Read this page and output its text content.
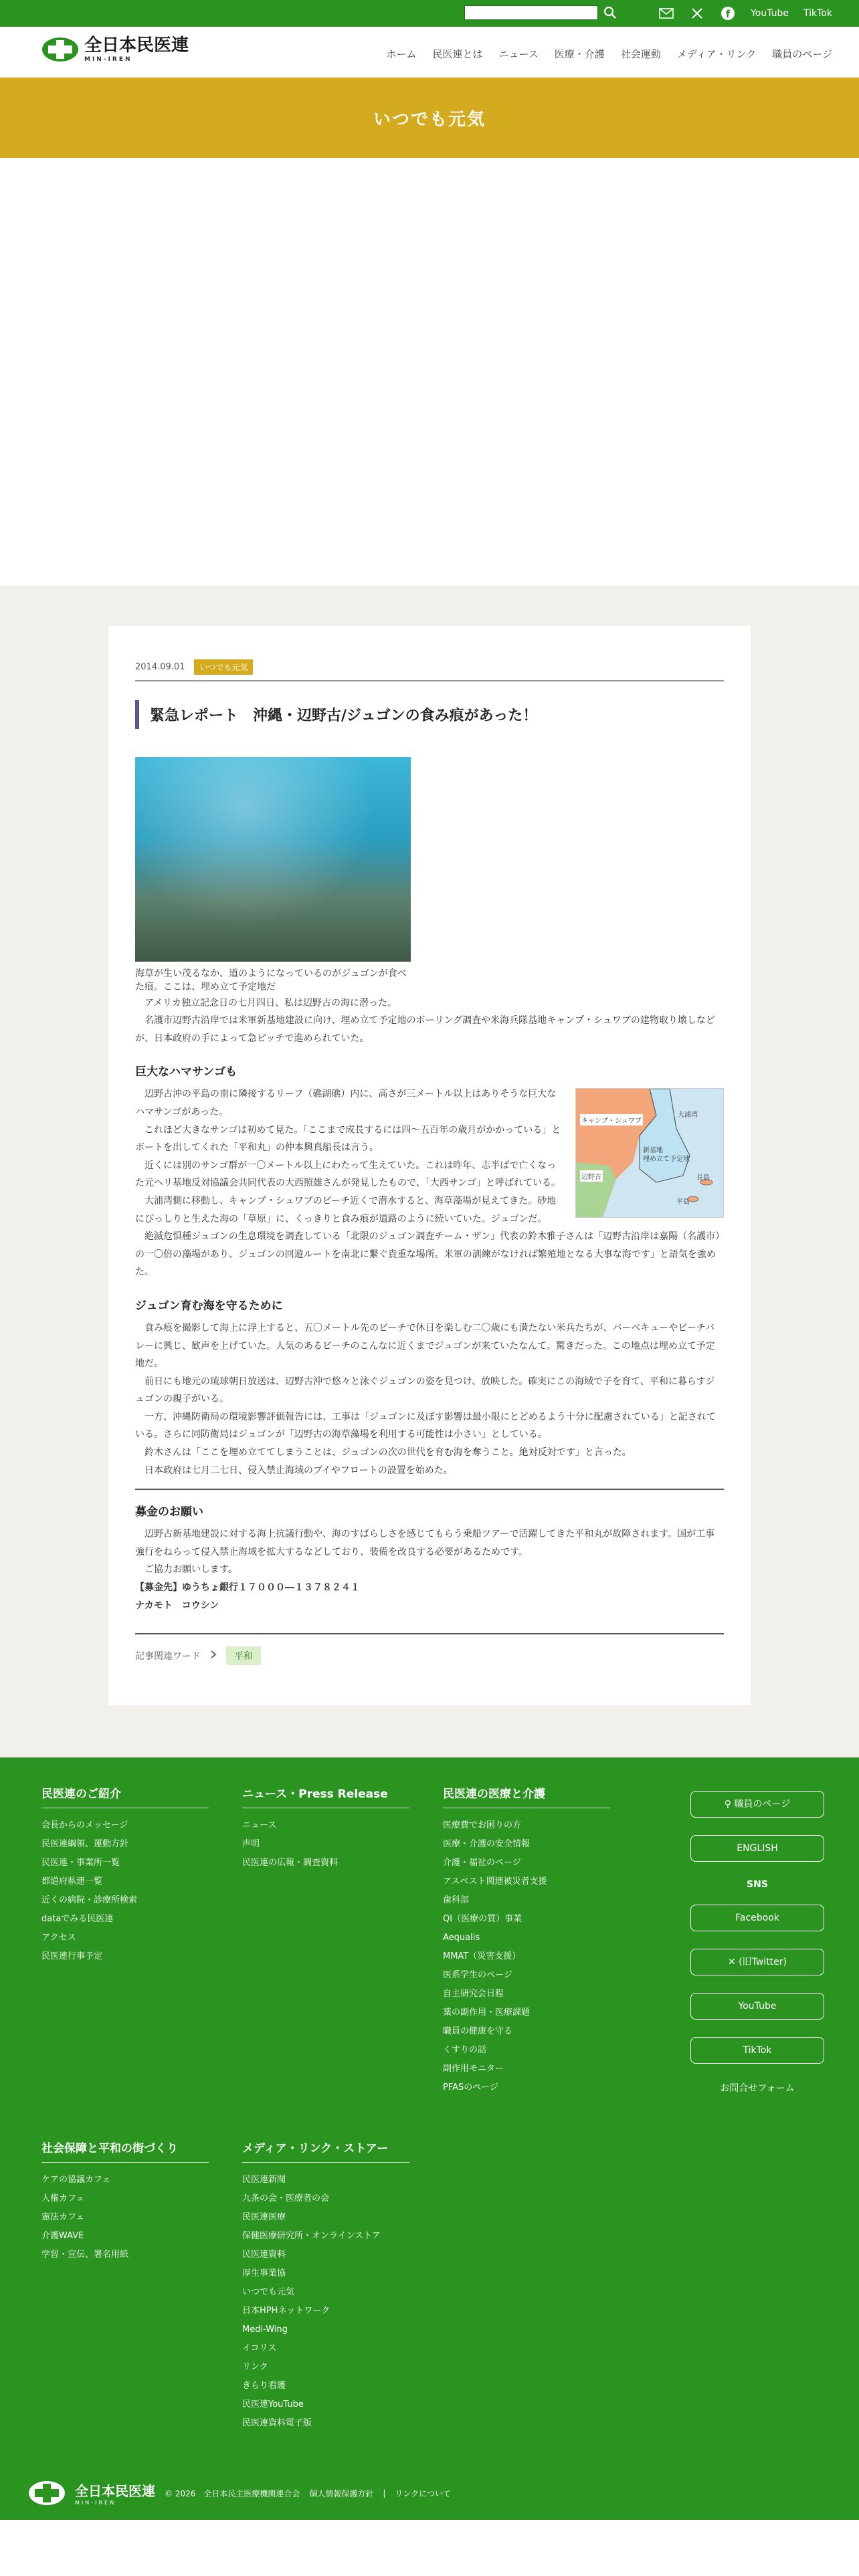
f YouTube TikTok
全日本民医連
MIN-IREN	ホーム 民医連とは ニュース 医療・介護 社会運動 メディア・リンク 職員のページ
いつでも元気
2014.09.01	いつでも元気
緊急レポート　沖縄・辺野古/ジュゴンの食み痕があった！

海草が生い茂るなか、道のようになっているのがジュゴンが食べた痕。ここは、埋め立て予定地だ

　アメリカ独立記念日の七月四日、私は辺野古の海に潜った。

　名護市辺野古沿岸では米軍新基地建設に向け、埋め立て予定地のボーリング調査や米海兵隊基地キャンプ・シュワブの建物取り壊しなどが、日本政府の手によって急ピッチで進められていた。

巨大なハマサンゴも
キャンプ・シュワブ
大浦湾
辺野古
新基地
埋め立て予定地
長島
平島

　辺野古沖の平島の南に隣接するリーフ（礁湖礁）内に、高さが三メートル以上はありそうな巨大なハマサンゴがあった。

　これほど大きなサンゴは初めて見た。「ここまで成長するには四〜五百年の歳月がかかっている」とボートを出してくれた「平和丸」の仲本興真船長は言う。

　近くには別のサンゴ群が一〇メートル以上にわたって生えていた。これは昨年、志半ばで亡くなった元ヘリ基地反対協議会共同代表の大西照雄さんが発見したもので、「大西サンゴ」と呼ばれている。

　大浦湾側に移動し、キャンプ・シュワブのビーチ近くで潜水すると、海草藻場が見えてきた。砂地にびっしりと生えた海の「草原」に、くっきりと食み痕が道路のように続いていた。ジュゴンだ。

　絶滅危惧種ジュゴンの生息環境を調査している「北限のジュゴン調査チーム・ザン」代表の鈴木雅子さんは「辺野古沿岸は嘉陽（名護市）の一〇倍の藻場があり、ジュゴンの回遊ルートを南北に繋ぐ貴重な場所。米軍の訓練がなければ繁殖地となる大事な海です」と語気を強めた。

ジュゴン育む海を守るために

　食み痕を撮影して海上に浮上すると、五〇メートル先のビーチで休日を楽しむ二〇歳にも満たない米兵たちが、バーベキューやビーチバレーに興じ、歓声を上げていた。人気のあるビーチのこんなに近くまでジュゴンが来ていたなんて。驚きだった。この地点は埋め立て予定地だ。

　前日にも地元の琉球朝日放送は、辺野古沖で悠々と泳ぐジュゴンの姿を見つけ、放映した。確実にこの海域で子を育て、平和に暮らすジュゴンの親子がいる。

　一方、沖縄防衛局の環境影響評価報告には、工事は「ジュゴンに及ぼす影響は最小限にとどめるよう十分に配慮されている」と記されている。さらに同防衛局はジュゴンが「辺野古の海草藻場を利用する可能性は小さい」としている。

　鈴木さんは「ここを埋め立ててしまうことは、ジュゴンの次の世代を育む海を奪うこと。絶対反対です」と言った。

　日本政府は七月二七日、侵入禁止海域のブイやフロートの設置を始めた。

募金のお願い

　辺野古新基地建設に対する海上抗議行動や、海のすばらしさを感じてもらう乗船ツアーで活躍してきた平和丸が故障されます。国が工事強行をねらって侵入禁止海域を拡大するなどしており、装備を改良する必要があるためです。

　ご協力お願いします。

【募金先】ゆうちょ銀行１７０００―１３７８２４１

ナカモト　コウシン

記事関連ワード	平和
民医連のご紹介
会長からのメッセージ
民医連綱領、運動方針
民医連・事業所一覧
都道府県連一覧
近くの病院・診療所検索
dataでみる民医連
アクセス
民医連行事予定
ニュース・Press Release
ニュース
声明
民医連の広報・調査資料
民医連の医療と介護
医療費でお困りの方
医療・介護の安全情報
介護・福祉のページ
アスベスト関連被災者支援
歯科部
QI（医療の質）事業
Aequalis
MMAT（災害支援）
医系学生のページ
自主研究会日程
薬の副作用・医療課題
職員の健康を守る
くすりの話
副作用モニター
PFASのページ
⚲ 職員のページ
ENGLISH
SNS
Facebook
✕ (旧Twitter)
YouTube
TikTok
お問合せフォーム
社会保障と平和の街づくり
ケアの協議カフェ
人権カフェ
憲法カフェ
介護WAVE
学習・宣伝、署名用紙
メディア・リンク・ストアー
民医連新聞
九条の会・医療者の会
民医連医療
保健医療研究所・オンラインストア
民医連資料
厚生事業協
いつでも元気
日本HPHネットワーク
Medi-Wing
イコリス
リンク
きらり看護
民医連YouTube
民医連資料電子版
全日本民医連
MIN-IREN
© 2026　全日本民主医療機関連合会 個人情報保護方針 | リンクについて
